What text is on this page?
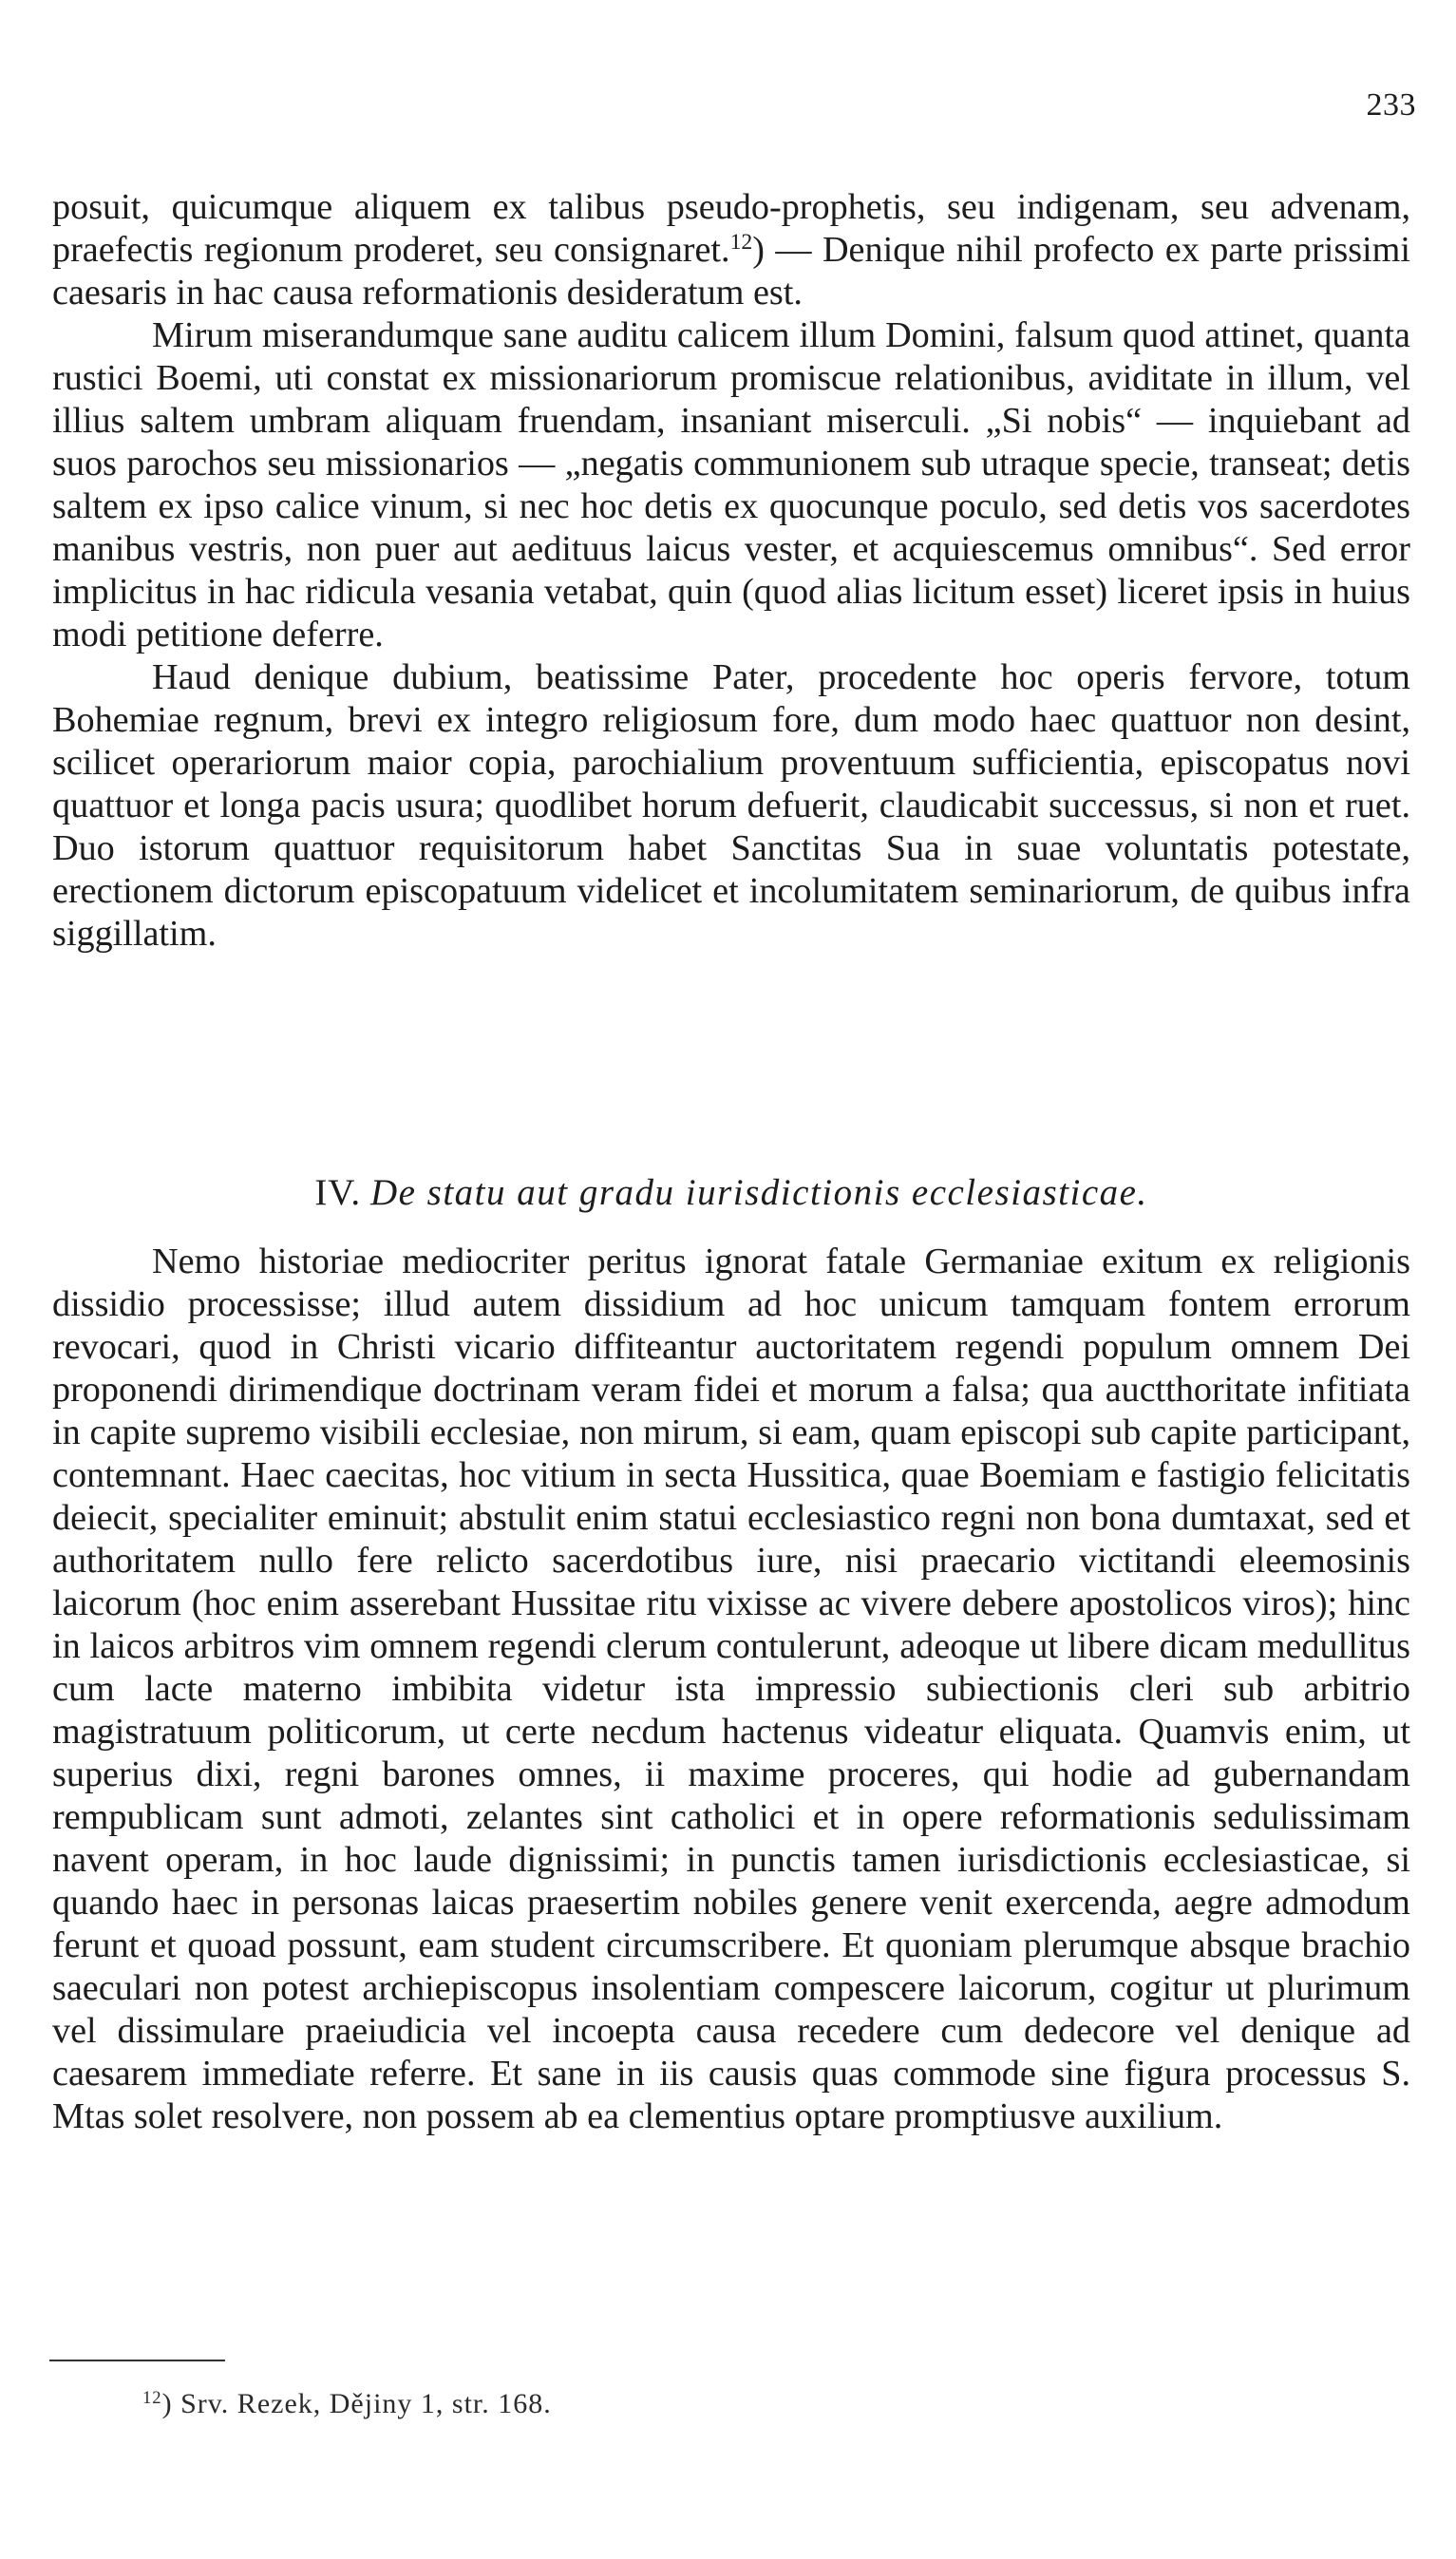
233

posuit, quicumque aliquem ex talibus pseudo-prophetis, seu indigenam, seu advenam, praefectis regionum proderet, seu consignaret.$^{12}$) — Denique nihil profecto ex parte prissimi caesaris in hac causa reformationis desideratum est.

Mirum miserandumque sane auditu calicem illum Domini, falsum quod attinet, quanta rustici Boemi, uti constat ex missionariorum promiscue relationibus, aviditate in illum, vel illius saltem umbram aliquam fruendam, insaniant miserculi. „Si nobis“ — inquiebant ad suos parochos seu missionarios — „negatis communionem sub utraque specie, transeat; detis saltem ex ipso calice vinum, si nec hoc detis ex quocunque poculo, sed detis vos sacerdotes manibus vestris, non puer aut aedituus laicus vester, et acquiescemus omnibus“. Sed error implicitus in hac ridicula vesania vetabat, quin (quod alias licitum esset) liceret ipsis in huius modi petitione deferre.

Haud denique dubium, beatissime Pater, procedente hoc operis fervore, totum Bohemiae regnum, brevi ex integro religiosum fore, dum modo haec quattuor non desint, scilicet operariorum maior copia, parochialium proventuum sufficientia, episcopatus novi quattuor et longa pacis usura; quodlibet horum defuerit, claudicabit successus, si non et ruet. Duo istorum quattuor requisitorum habet Sanctitas Sua in suae voluntatis potestate, erectionem dictorum episcopatuum videlicet et incolumitatem seminariorum, de quibus infra siggillatim.

IV. De statu aut gradu iurisdictionis ecclesiasticae.

Nemo historiae mediocriter peritus ignorat fatale Germaniae exitum ex religionis dissidio processisse; illud autem dissidium ad hoc unicum tamquam fontem errorum revocari, quod in Christi vicario diffiteantur auctoritatem regendi populum omnem Dei proponendi dirimendique doctrinam veram fidei et morum a falsa; qua auctthoritate infitiata in capite supremo visibili ecclesiae, non mirum, si eam, quam episcopi sub capite participant, contemnant. Haec caecitas, hoc vitium in secta Hussitica, quae Boemiam e fastigio felicitatis deiecit, specialiter eminuit; abstulit enim statui ecclesiastico regni non bona dumtaxat, sed et authoritatem nullo fere relicto sacerdotibus iure, nisi praecario victitandi eleemosinis laicorum (hoc enim asserebant Hussitae ritu vixisse ac vivere debere apostolicos viros); hinc in laicos arbitros vim omnem regendi clerum contulerunt, adeoque ut libere dicam medullitus cum lacte materno imbibita videtur ista impressio subiectionis cleri sub arbitrio magistratuum politicorum, ut certe necdum hactenus videatur eliquata. Quamvis enim, ut superius dixi, regni barones omnes, ii maxime proceres, qui hodie ad gubernandam rempublicam sunt admoti, zelantes sint catholici et in opere reformationis sedulissimam navent operam, in hoc laude dignissimi; in punctis tamen iurisdictionis ecclesiasticae, si quando haec in personas laicas praesertim nobiles genere venit exercenda, aegre admodum ferunt et quoad possunt, eam student circumscribere. Et quoniam plerumque absque brachio saeculari non potest archiepiscopus insolentiam compescere laicorum, cogitur ut plurimum vel dissimulare praeiudicia vel incoepta causa recedere cum dedecore vel denique ad caesarem immediate referre. Et sane in iis causis quas commode sine figura processus S. Mtas solet resolvere, non possem ab ea clementius optare promptiusve auxilium.

$^{12}$) Srv. Rezek, Dějiny 1, str. 168.
